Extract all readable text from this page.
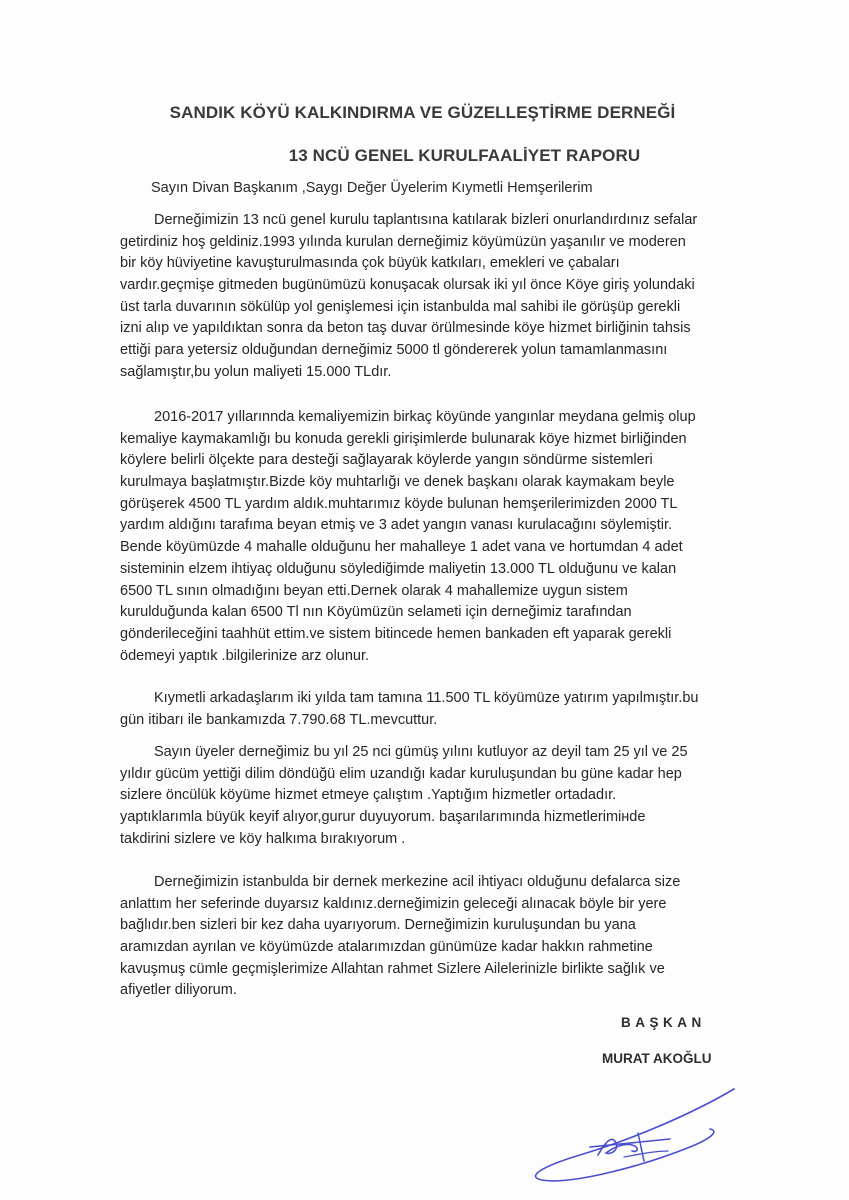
SANDIK KÖYÜ KALKINDIRMA VE GÜZELLEŞTİRME DERNEĞİ
13 NCÜ GENEL KURULFAALİYET RAPORU
Sayın Divan Başkanım ,Saygı Değer Üyelerim Kıymetli Hemşerilerim
Derneğimizin 13 ncü genel kurulu taplantısına katılarak bizleri onurlandırdınız sefalar
getirdiniz hoş geldiniz.1993 yılında kurulan derneğimiz köyümüzün yaşanılır ve moderen
bir köy hüviyetine kavuşturulmasında çok büyük katkıları, emekleri ve çabaları
vardır.geçmişe gitmeden bugünümüzü konuşacak olursak iki yıl önce Köye giriş yolundaki
üst tarla duvarının sökülüp yol genişlemesi için istanbulda mal sahibi ile görüşüp gerekli
izni alıp ve yapıldıktan sonra da beton taş duvar örülmesinde köye hizmet birliğinin tahsis
ettiği para yetersiz olduğundan derneğimiz 5000 tl göndererek yolun tamamlanmasını
sağlamıştır,bu yolun maliyeti 15.000 TLdır.
2016-2017 yıllarınnda kemaliyemizin birkaç köyünde yangınlar meydana gelmiş olup
kemaliye kaymakamlığı bu konuda gerekli girişimlerde bulunarak köye hizmet birliğinden
köylere belirli ölçekte para desteği sağlayarak köylerde yangın söndürme sistemleri
kurulmaya başlatmıştır.Bizde köy muhtarlığı ve denek başkanı olarak kaymakam beyle
görüşerek 4500 TL yardım aldık.muhtarımız köyde bulunan hemşerilerimizden 2000 TL
yardım aldığını tarafıma beyan etmiş ve 3 adet yangın vanası kurulacağını söylemiştir.
Bende köyümüzde 4 mahalle olduğunu her mahalleye 1 adet vana ve hortumdan 4 adet
sisteminin elzem ihtiyaç olduğunu söylediğimde maliyetin 13.000 TL olduğunu ve kalan
6500 TL sının olmadığını beyan etti.Dernek olarak 4 mahallemize uygun sistem
kurulduğunda kalan 6500 Tl nın Köyümüzün selameti için derneğimiz tarafından
gönderileceğini taahhüt ettim.ve sistem bitincede hemen bankaden eft yaparak gerekli
ödemeyi yaptık .bilgilerinize arz olunur.
Kıymetli arkadaşlarım iki yılda tam tamına 11.500 TL köyümüze yatırım yapılmıştır.bu
gün itibarı ile bankamızda 7.790.68 TL.mevcuttur.
Sayın üyeler derneğimiz bu yıl 25 nci gümüş yılını kutluyor az deyil tam 25 yıl ve 25
yıldır gücüm yettiği dilim döndüğü elim uzandığı kadar kuruluşundan bu güne kadar hep
sizlere öncülük köyüme hizmet etmeye çalıştım .Yaptığım hizmetler ortadadır.
yaptıklarımla büyük keyif alıyor,gurur duyuyorum. başarılarımında hizmetlerimінde
takdirini sizlere ve köy halkıma bırakıyorum .
Derneğimizin istanbulda bir dernek merkezine acil ihtiyacı olduğunu defalarca size
anlattım her seferinde duyarsız kaldınız.derneğimizin geleceği alınacak böyle bir yere
bağlıdır.ben sizleri bir kez daha uyarıyorum. Derneğimizin kuruluşundan bu yana
aramızdan ayrılan ve köyümüzde atalarımızdan günümüze kadar hakkın rahmetine
kavuşmuş cümle geçmişlerimize Allahtan rahmet Sizlere Ailelerinizle birlikte sağlık ve
afiyetler diliyorum.
BAŞKAN
MURAT AKOĞLU
